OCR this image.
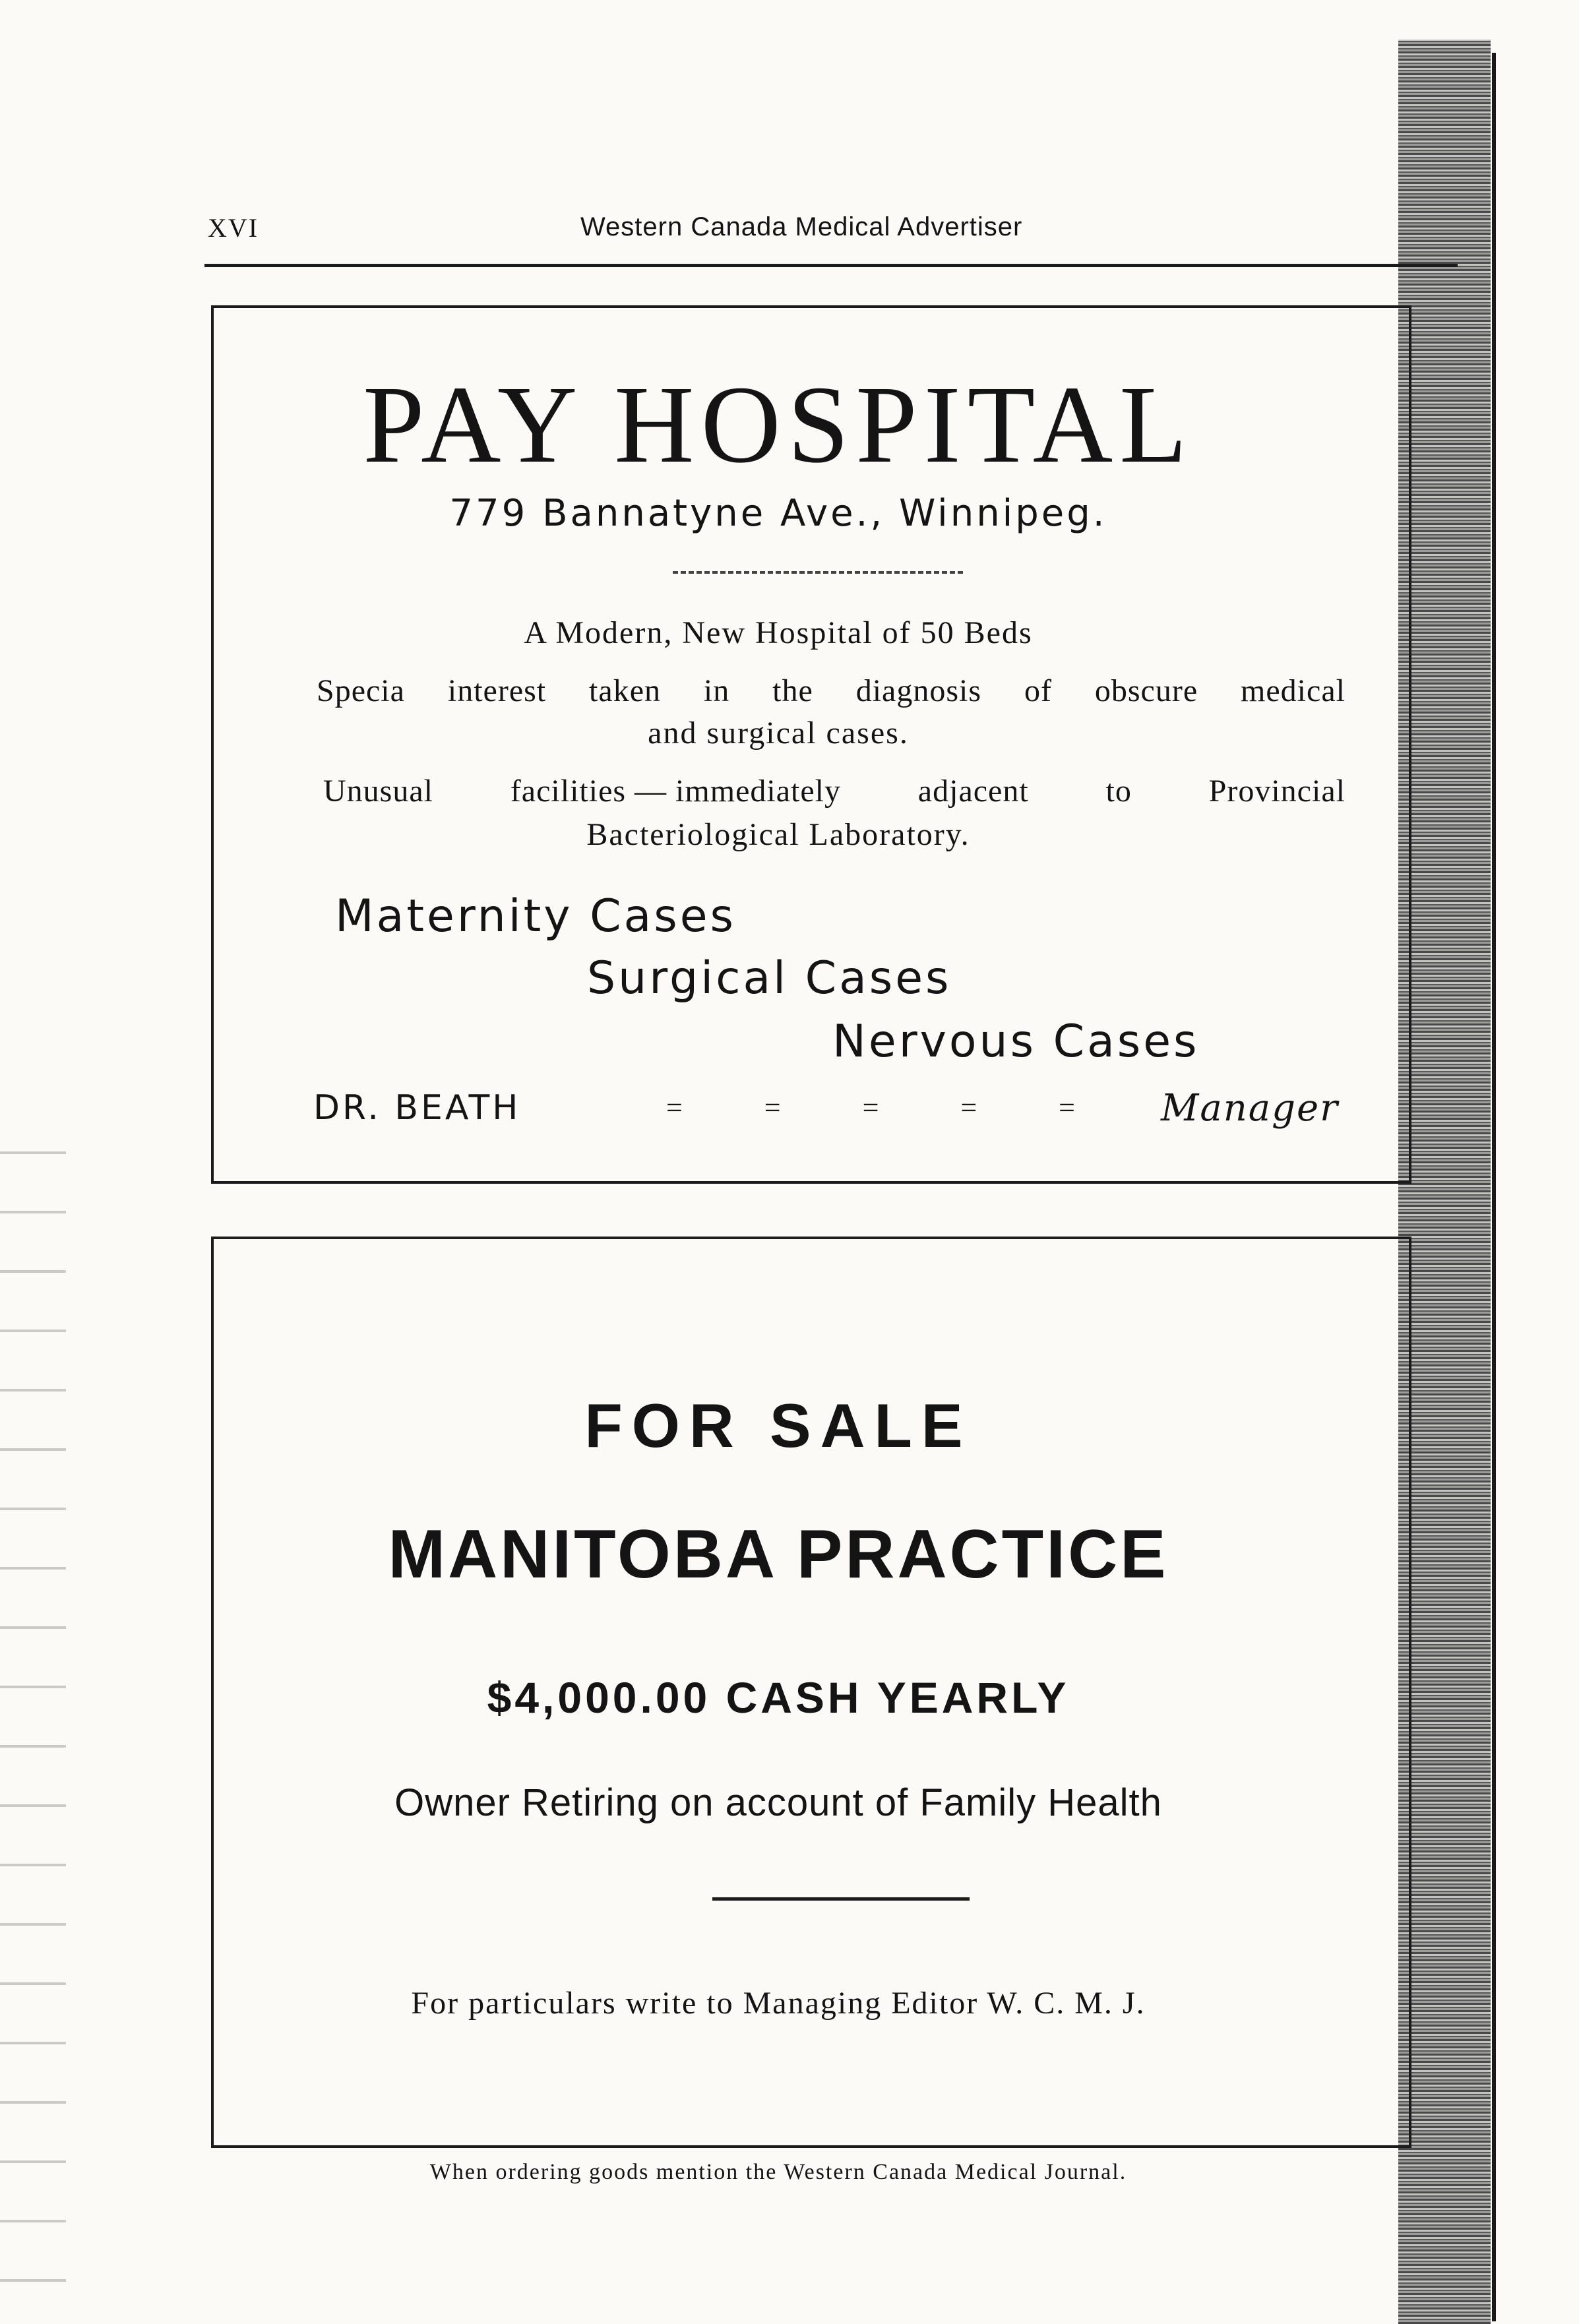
XVI	Western Canada Medical Advertiser
PAY HOSPITAL
779 Bannatyne Ave., Winnipeg.
A Modern, New Hospital of 50 Beds
Specia interest taken in the diagnosis of obscure medical
and surgical cases.
Unusual facilities — immediately adjacent to Provincial
Bacteriological Laboratory.
Maternity Cases
Surgical Cases
Nervous Cases
DR. BEATH	=	=	=	=	= Manager
FOR SALE
MANITOBA PRACTICE
$4,000.00 CASH YEARLY
Owner Retiring on account of Family Health
For particulars write to Managing Editor W. C. M. J.
When ordering goods mention the Western Canada Medical Journal.
